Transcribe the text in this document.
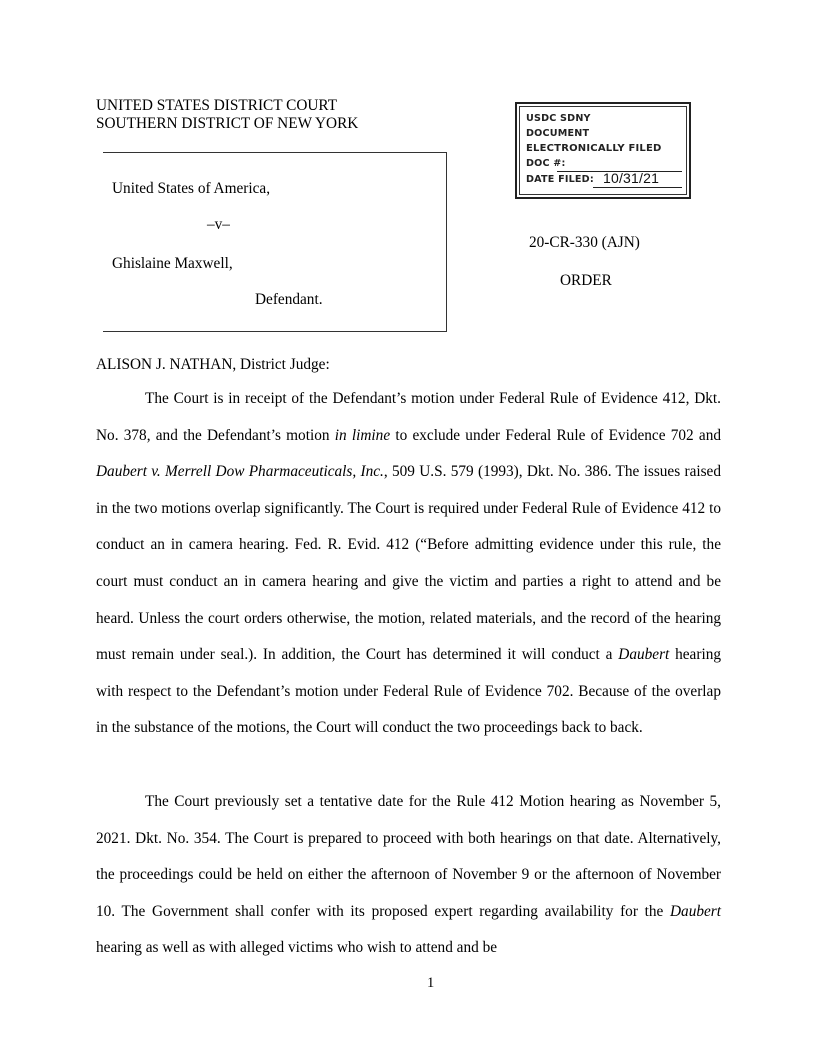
UNITED STATES DISTRICT COURT
SOUTHERN DISTRICT OF NEW YORK	USDC SDNY
DOCUMENT
ELECTRONICALLY FILED
DOC #:
DATE FILED: 10/31/21
United States of America,
–v–
Ghislaine Maxwell,
Defendant.
20-CR-330 (AJN)
ORDER
ALISON J. NATHAN, District Judge:

The Court is in receipt of the Defendant’s motion under Federal Rule of Evidence 412, Dkt. No. 378, and the Defendant’s motion in limine to exclude under Federal Rule of Evidence 702 and Daubert v. Merrell Dow Pharmaceuticals, Inc., 509 U.S. 579 (1993), Dkt. No. 386. The issues raised in the two motions overlap significantly. The Court is required under Federal Rule of Evidence 412 to conduct an in camera hearing. Fed. R. Evid. 412 (“Before admitting evidence under this rule, the court must conduct an in camera hearing and give the victim and parties a right to attend and be heard. Unless the court orders otherwise, the motion, related materials, and the record of the hearing must remain under seal.). In addition, the Court has determined it will conduct a Daubert hearing with respect to the Defendant’s motion under Federal Rule of Evidence 702. Because of the overlap in the substance of the motions, the Court will conduct the two proceedings back to back.

The Court previously set a tentative date for the Rule 412 Motion hearing as November 5, 2021. Dkt. No. 354. The Court is prepared to proceed with both hearings on that date. Alternatively, the proceedings could be held on either the afternoon of November 9 or the afternoon of November 10. The Government shall confer with its proposed expert regarding availability for the Daubert hearing as well as with alleged victims who wish to attend and be

1
